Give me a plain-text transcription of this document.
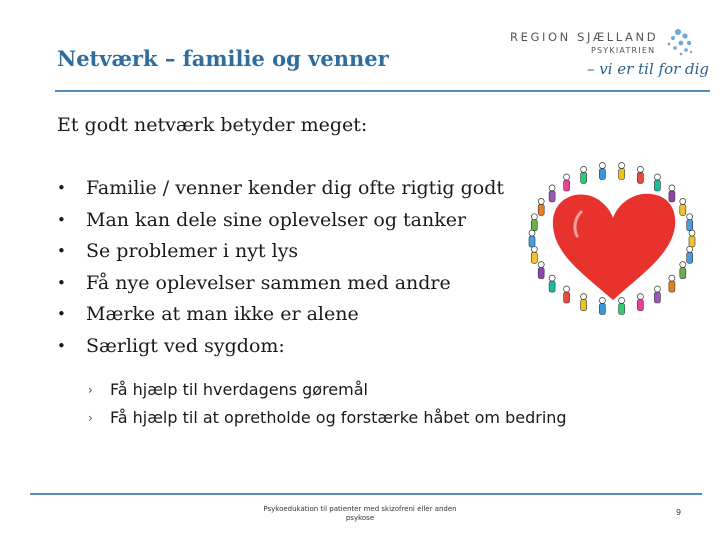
Netværk – familie og venner
REGION SJÆLLAND
PSYKIATRIEN
– vi er til for dig
Et godt netværk betyder meget:
• Familie / venner kender dig ofte rigtig godt
• Man kan dele sine oplevelser og tanker
• Se problemer i nyt lys
• Få nye oplevelser sammen med andre
• Mærke at man ikke er alene
• Særligt ved sygdom:
› Få hjælp til hverdagens gøremål
› Få hjælp til at opretholde og forstærke håbet om bedring
Psykoedukation til patienter med skizofreni eller anden psykose
9
